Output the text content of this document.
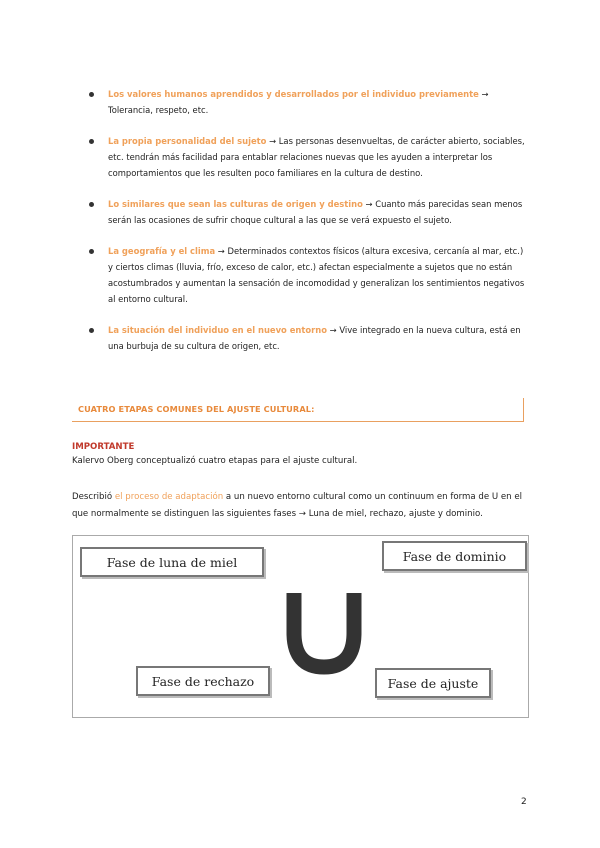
Los valores humanos aprendidos y desarrollados por el individuo previamente → Tolerancia, respeto, etc.
La propia personalidad del sujeto → Las personas desenvueltas, de carácter abierto, sociables, etc. tendrán más facilidad para entablar relaciones nuevas que les ayuden a interpretar los comportamientos que les resulten poco familiares en la cultura de destino.
Lo similares que sean las culturas de origen y destino → Cuanto más parecidas sean menos serán las ocasiones de sufrir choque cultural a las que se verá expuesto el sujeto.
La geografía y el clima → Determinados contextos físicos (altura excesiva, cercanía al mar, etc.) y ciertos climas (lluvia, frío, exceso de calor, etc.) afectan especialmente a sujetos que no están acostumbrados y aumentan la sensación de incomodidad y generalizan los sentimientos negativos al entorno cultural.
La situación del individuo en el nuevo entorno → Vive integrado en la nueva cultura, está en una burbuja de su cultura de origen, etc.
CUATRO ETAPAS COMUNES DEL AJUSTE CULTURAL:
IMPORTANTE
Kalervo Oberg conceptualizó cuatro etapas para el ajuste cultural.
Describió el proceso de adaptación a un nuevo entorno cultural como un continuum en forma de U en el que normalmente se distinguen las siguientes fases → Luna de miel, rechazo, ajuste y dominio.
Fase de luna de miel	Fase de dominio
Fase de rechazo	Fase de ajuste
2
